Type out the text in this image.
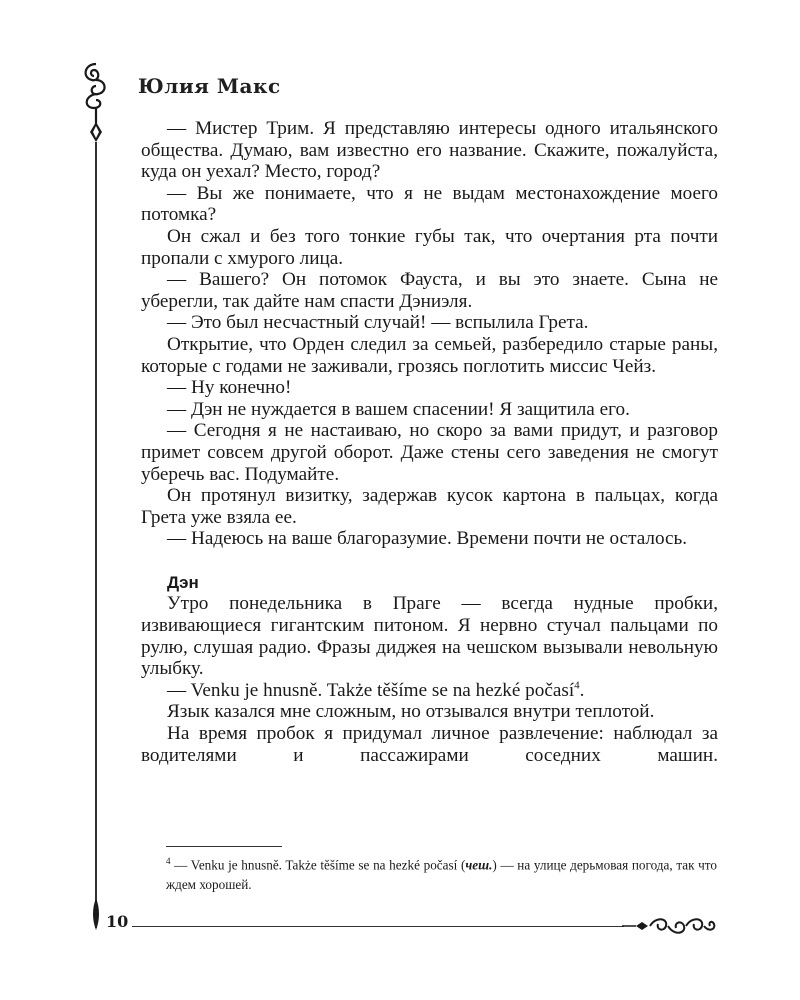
Юлия Макс

— Мистер Трим. Я представляю интересы одного итальянского общества. Думаю, вам известно его название. Скажите, пожалуйста, куда он уехал? Место, город?

— Вы же понимаете, что я не выдам местонахождение моего потомка?

Он сжал и без того тонкие губы так, что очертания рта почти пропали с хмурого лица.

— Вашего? Он потомок Фауста, и вы это знаете. Сына не уберегли, так дайте нам спасти Дэниэля.

— Это был несчастный случай! — вспылила Грета.

Открытие, что Орден следил за семьей, разбередило старые раны, которые с годами не заживали, грозясь поглотить миссис Чейз.

— Ну конечно!

— Дэн не нуждается в вашем спасении! Я защитила его.

— Сегодня я не настаиваю, но скоро за вами придут, и разговор примет совсем другой оборот. Даже стены сего заведения не смогут уберечь вас. Подумайте.

Он протянул визитку, задержав кусок картона в пальцах, когда Грета уже взяла ее.

— Надеюсь на ваше благоразумие. Времени почти не осталось.

Дэн

Утро понедельника в Праге — всегда нудные пробки, извивающиеся гигантским питоном. Я нервно стучал пальцами по рулю, слушая радио. Фразы диджея на чешском вызывали невольную улыбку.

— Venku je hnusně. Także těšíme se na hezké počasí$^4$.

Язык казался мне сложным, но отзывался внутри теплотой.

На время пробок я придумал личное развлечение: наблюдал за водителями и пассажирами соседних машин.

$^4$ — Venku je hnusně. Także těšíme se na hezké počasí (чеш.) — на улице дерьмовая погода, так что ждем хорошей.

10
